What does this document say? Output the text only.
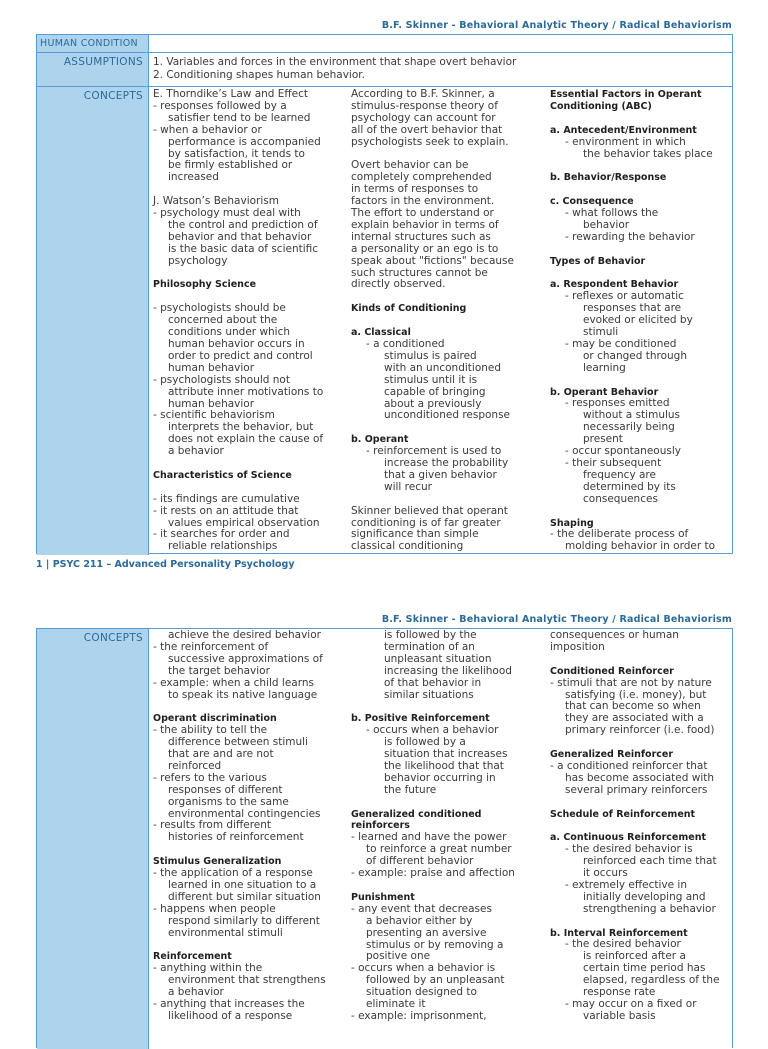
B.F. Skinner - Behavioral Analytic Theory / Radical Behaviorism
HUMAN CONDITION
ASSUMPTIONS 1. Variables and forces in the environment that shape overt behavior
2. Conditioning shapes human behavior.
CONCEPTS E. Thorndike’s Law and Effect
- responses followed by a
satisfier tend to be learned
- when a behavior or
performance is accompanied
by satisfaction, it tends to
be firmly established or
increased
J. Watson’s Behaviorism
- psychology must deal with
the control and prediction of
behavior and that behavior
is the basic data of scientific
psychology
Philosophy Science
- psychologists should be
concerned about the
conditions under which
human behavior occurs in
order to predict and control
human behavior
- psychologists should not
attribute inner motivations to
human behavior
- scientific behaviorism
interprets the behavior, but
does not explain the cause of
a behavior
Characteristics of Science
- its findings are cumulative
- it rests on an attitude that
values empirical observation
- it searches for order and
reliable relationships
According to B.F. Skinner, a
stimulus-response theory of
psychology can account for
all of the overt behavior that
psychologists seek to explain.
Overt behavior can be
completely comprehended
in terms of responses to
factors in the environment.
The effort to understand or
explain behavior in terms of
internal structures such as
a personality or an ego is to
speak about "fictions" because
such structures cannot be
directly observed.
Kinds of Conditioning
a. Classical
- a conditioned
stimulus is paired
with an unconditioned
stimulus until it is
capable of bringing
about a previously
unconditioned response
b. Operant
- reinforcement is used to
increase the probability
that a given behavior
will recur
Skinner believed that operant
conditioning is of far greater
significance than simple
classical conditioning
Essential Factors in Operant
Conditioning (ABC)
a. Antecedent/Environment
- environment in which
the behavior takes place
b. Behavior/Response
c. Consequence
- what follows the
behavior
- rewarding the behavior
Types of Behavior
a. Respondent Behavior
- reflexes or automatic
responses that are
evoked or elicited by
stimuli
- may be conditioned
or changed through
learning
b. Operant Behavior
- responses emitted
without a stimulus
necessarily being
present
- occur spontaneously
- their subsequent
frequency are
determined by its
consequences
Shaping
- the deliberate process of
molding behavior in order to
1 | PSYC 211 – Advanced Personality Psychology
B.F. Skinner - Behavioral Analytic Theory / Radical Behaviorism
CONCEPTS	achieve the desired behavior
- the reinforcement of
successive approximations of
the target behavior
- example: when a child learns
to speak its native language
Operant discrimination
- the ability to tell the
difference between stimuli
that are and are not
reinforced
- refers to the various
responses of different
organisms to the same
environmental contingencies
- results from different
histories of reinforcement
Stimulus Generalization
- the application of a response
learned in one situation to a
different but similar situation
- happens when people
respond similarly to different
environmental stimuli
Reinforcement
- anything within the
environment that strengthens
a behavior
- anything that increases the
likelihood of a response
is followed by the
termination of an
unpleasant situation
increasing the likelihood
of that behavior in
similar situations
b. Positive Reinforcement
- occurs when a behavior
is followed by a
situation that increases
the likelihood that that
behavior occurring in
the future
Generalized conditioned
reinforcers
- learned and have the power
to reinforce a great number
of different behavior
- example: praise and affection
Punishment
- any event that decreases
a behavior either by
presenting an aversive
stimulus or by removing a
positive one
- occurs when a behavior is
followed by an unpleasant
situation designed to
eliminate it
- example: imprisonment,
consequences or human
imposition
Conditioned Reinforcer
- stimuli that are not by nature
satisfying (i.e. money), but
that can become so when
they are associated with a
primary reinforcer (i.e. food)
Generalized Reinforcer
- a conditioned reinforcer that
has become associated with
several primary reinforcers
Schedule of Reinforcement
a. Continuous Reinforcement
- the desired behavior is
reinforced each time that
it occurs
- extremely effective in
initially developing and
strengthening a behavior
b. Interval Reinforcement
- the desired behavior
is reinforced after a
certain time period has
elapsed, regardless of the
response rate
- may occur on a fixed or
variable basis
